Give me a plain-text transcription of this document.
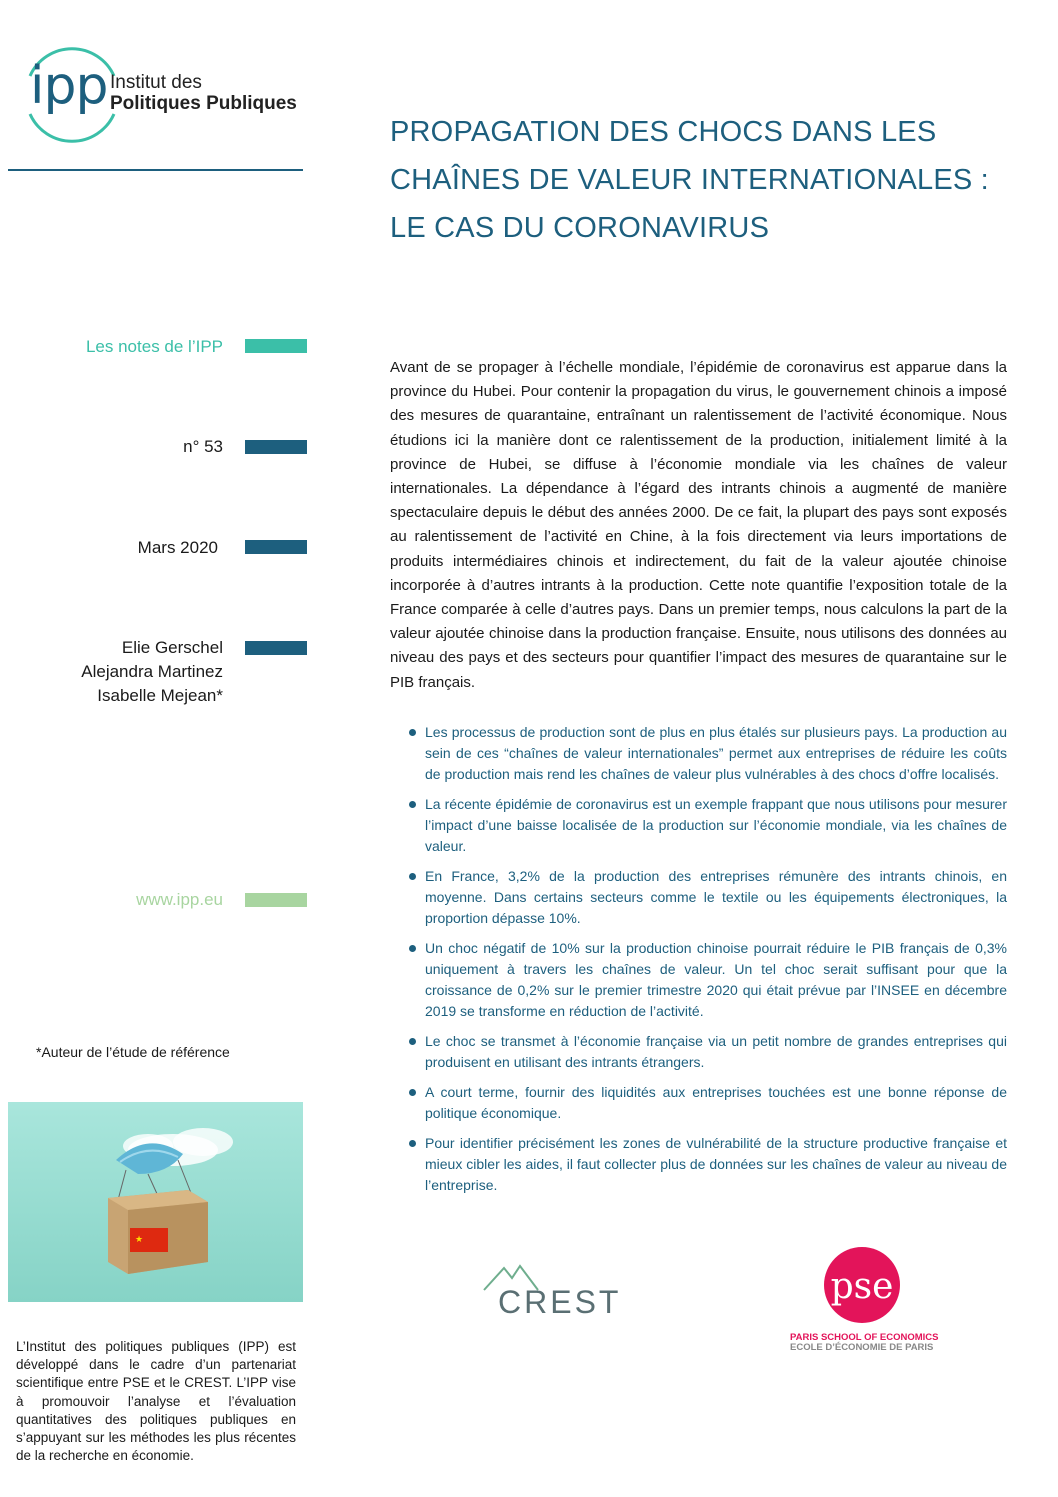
ipp Institut des
Politiques Publiques
PROPAGATION DES CHOCS DANS LES
CHAÎNES DE VALEUR INTERNATIONALES :
LE CAS DU CORONAVIRUS
Les notes de l’IPP
n° 53
Mars 2020
Elie Gerschel
Alejandra Martinez
Isabelle Mejean*
www.ipp.eu
Avant de se propager à l’échelle mondiale, l’épidémie de coronavirus est apparue dans la province du Hubei. Pour contenir la propagation du virus, le gouvernement chinois a imposé des mesures de quarantaine, entraînant un ralentissement de l’activité économique. Nous étudions ici la manière dont ce ralentissement de la production, initialement limité à la province de Hubei, se diffuse à l’économie mondiale via les chaînes de valeur internationales. La dépendance à l’égard des intrants chinois a augmenté de manière spectaculaire depuis le début des années 2000. De ce fait, la plupart des pays sont exposés au ralentissement de l’activité en Chine, à la fois directement via leurs importations de produits intermédiaires chinois et indirectement, du fait de la valeur ajoutée chinoise incorporée à d’autres intrants à la production. Cette note quantifie l’exposition totale de la France comparée à celle d’autres pays. Dans un premier temps, nous calculons la part de la valeur ajoutée chinoise dans la production française. Ensuite, nous utilisons des données au niveau des pays et des secteurs pour quantifier l’impact des mesures de quarantaine sur le PIB français.
Les processus de production sont de plus en plus étalés sur plusieurs pays. La production au sein de ces “chaînes de valeur internationales” permet aux entreprises de réduire les coûts de production mais rend les chaînes de valeur plus vulnérables à des chocs d’offre localisés.
La récente épidémie de coronavirus est un exemple frappant que nous utilisons pour mesurer l’impact d’une baisse localisée de la production sur l’économie mondiale, via les chaînes de valeur.
En France, 3,2% de la production des entreprises rémunère des intrants chinois, en moyenne. Dans certains secteurs comme le textile ou les équipements électroniques, la proportion dépasse 10%.
Un choc négatif de 10% sur la production chinoise pourrait réduire le PIB français de 0,3% uniquement à travers les chaînes de valeur. Un tel choc serait suffisant pour que la croissance de 0,2% sur le premier trimestre 2020 qui était prévue par l’INSEE en décembre 2019 se transforme en réduction de l’activité.
Le choc se transmet à l’économie française via un petit nombre de grandes entreprises qui produisent en utilisant des intrants étrangers.
A court terme, fournir des liquidités aux entreprises touchées est une bonne réponse de politique économique.
Pour identifier précisément les zones de vulnérabilité de la structure productive française et mieux cibler les aides, il faut collecter plus de données sur les chaînes de valeur au niveau de l’entreprise.
*Auteur de l’étude de référence
★
L’Institut des politiques publiques (IPP) est développé dans le cadre d’un partenariat scientifique entre PSE et le CREST. L’IPP vise à promouvoir l’analyse et l’évaluation quantitatives des politiques publiques en s’appuyant sur les méthodes les plus récentes de la recherche en économie.
CREST	pse
PARIS SCHOOL OF ECONOMICS
ECOLE D’ÉCONOMIE DE PARIS
